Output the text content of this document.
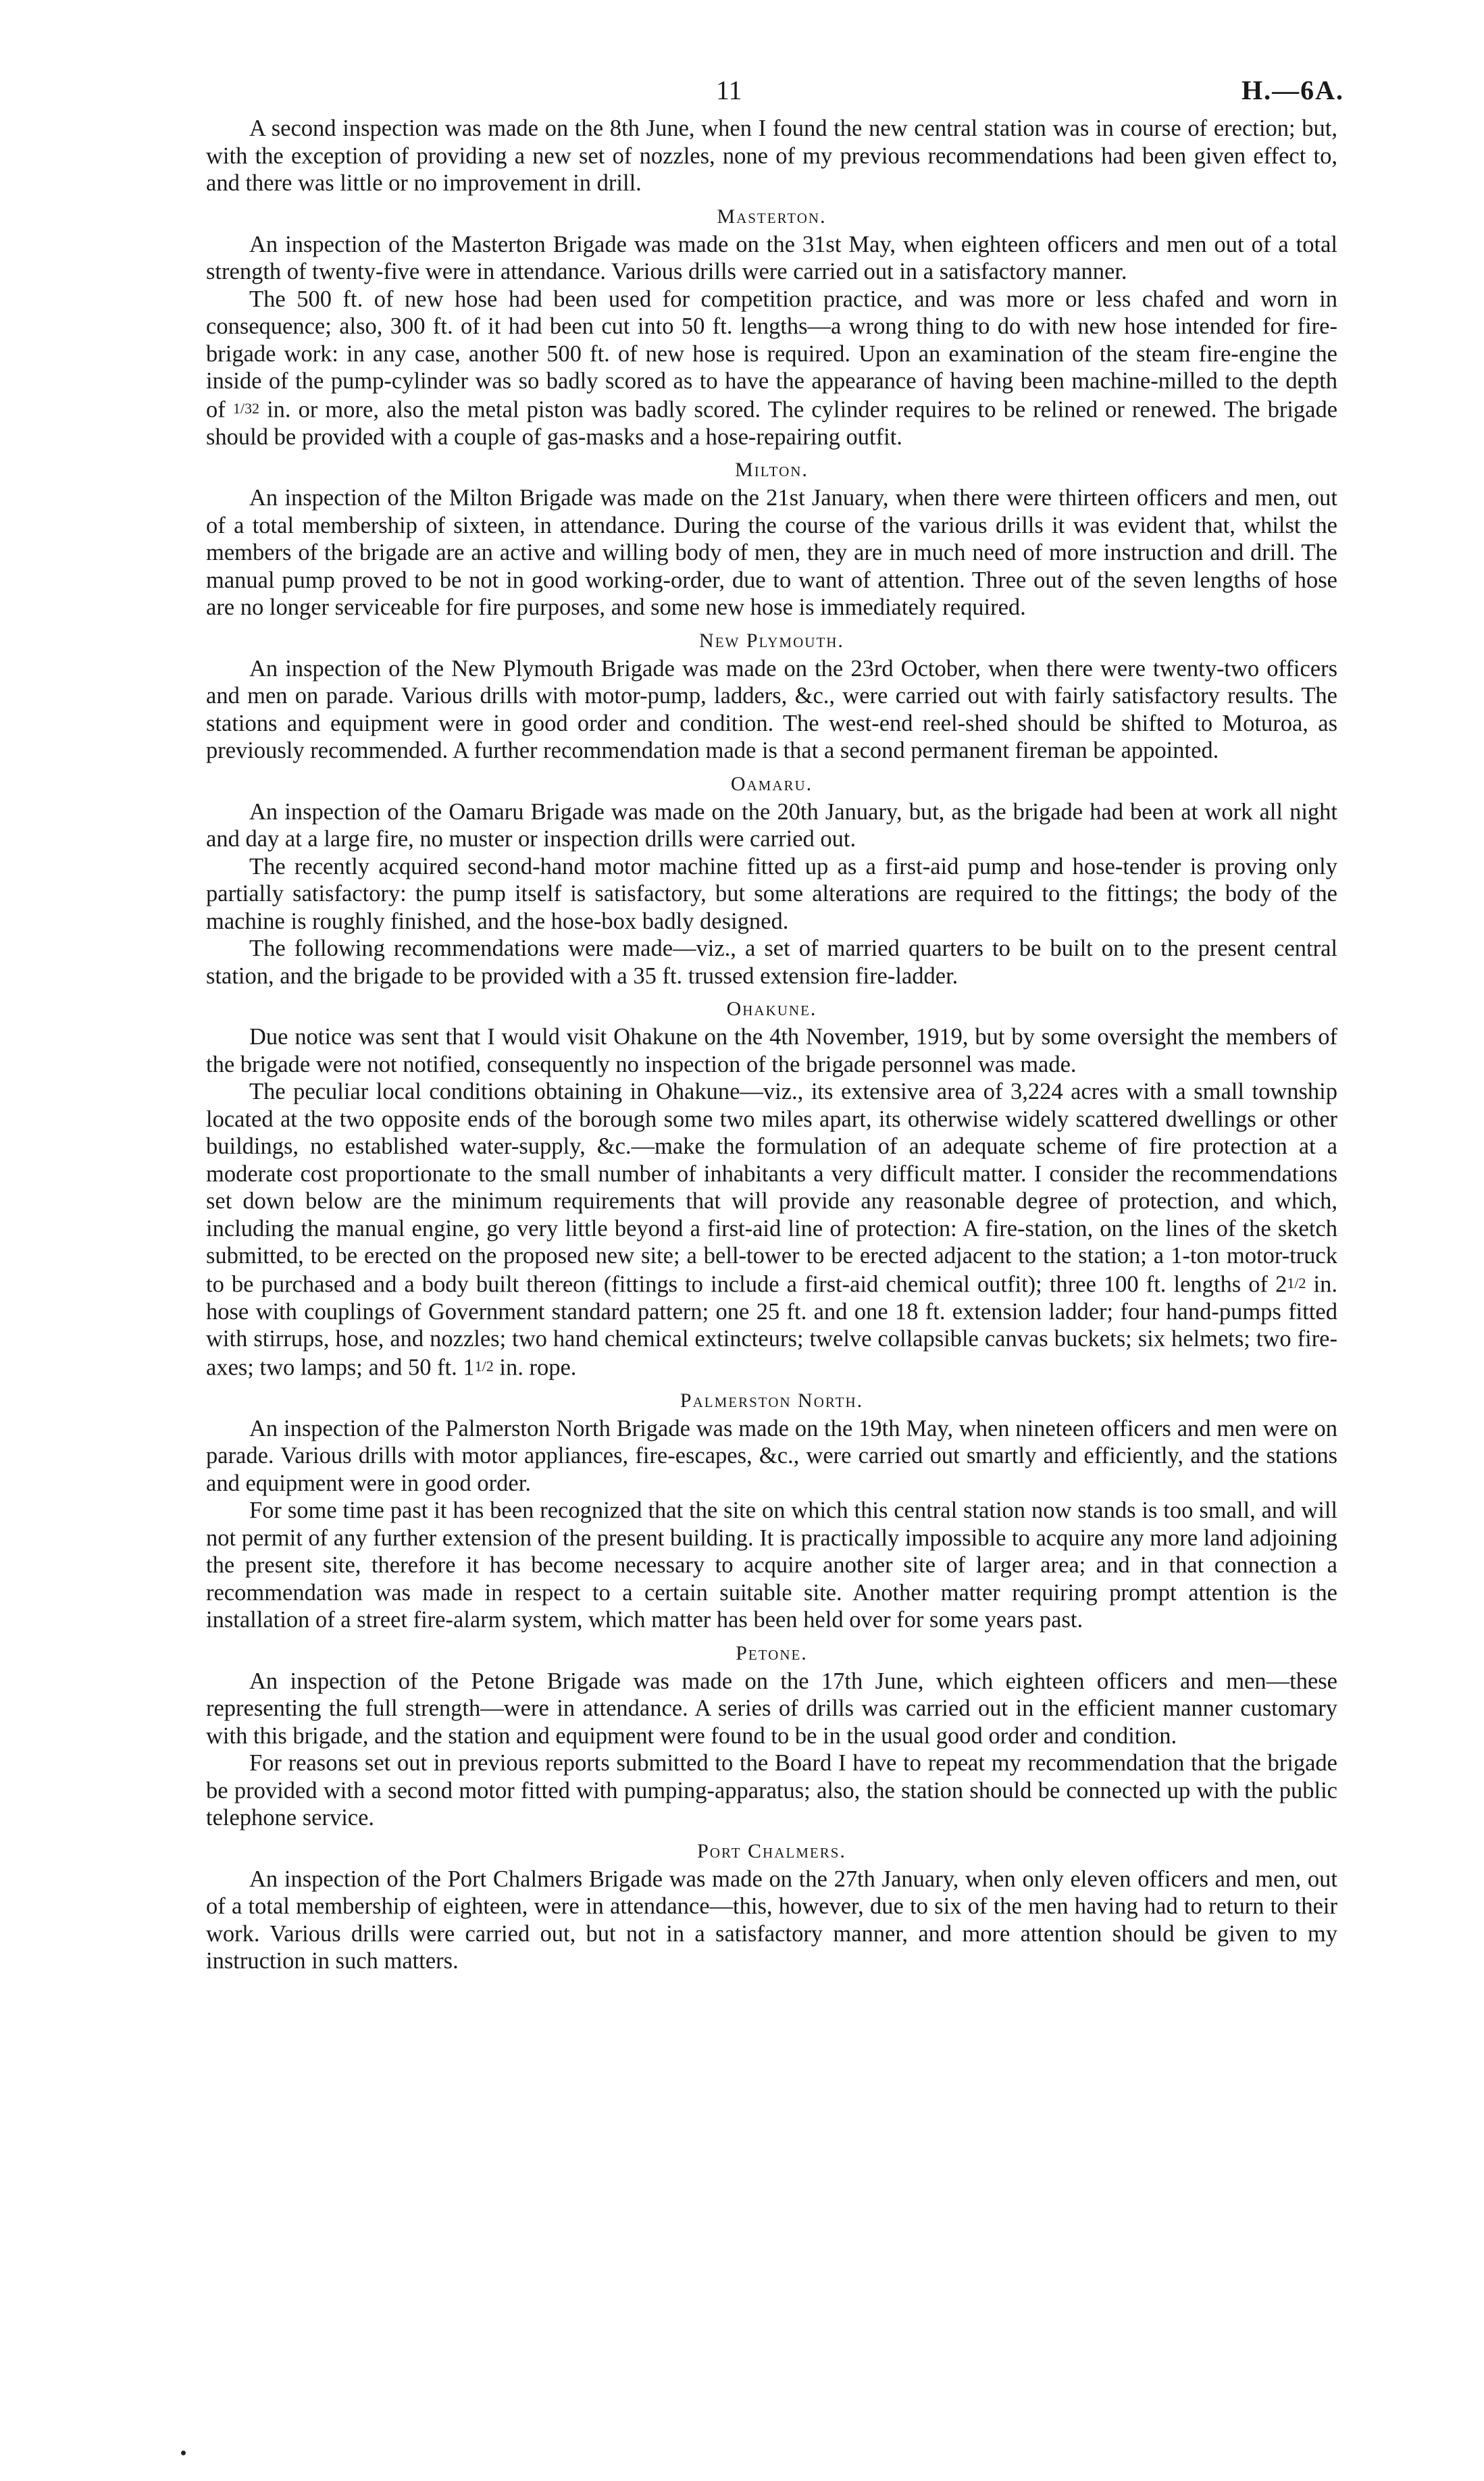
11	H.—6A.

A second inspection was made on the 8th June, when I found the new central station was in course of erection; but, with the exception of providing a new set of nozzles, none of my previous recommendations had been given effect to, and there was little or no improvement in drill.

Masterton.

An inspection of the Masterton Brigade was made on the 31st May, when eighteen officers and men out of a total strength of twenty-five were in attendance. Various drills were carried out in a satisfactory manner.

The 500 ft. of new hose had been used for competition practice, and was more or less chafed and worn in consequence; also, 300 ft. of it had been cut into 50 ft. lengths—a wrong thing to do with new hose intended for fire-brigade work: in any case, another 500 ft. of new hose is required. Upon an examination of the steam fire-engine the inside of the pump-cylinder was so badly scored as to have the appearance of having been machine-milled to the depth of 1/32 in. or more, also the metal piston was badly scored. The cylinder requires to be relined or renewed. The brigade should be provided with a couple of gas-masks and a hose-repairing outfit.

Milton.

An inspection of the Milton Brigade was made on the 21st January, when there were thirteen officers and men, out of a total membership of sixteen, in attendance. During the course of the various drills it was evident that, whilst the members of the brigade are an active and willing body of men, they are in much need of more instruction and drill. The manual pump proved to be not in good working-order, due to want of attention. Three out of the seven lengths of hose are no longer serviceable for fire purposes, and some new hose is immediately required.

New Plymouth.

An inspection of the New Plymouth Brigade was made on the 23rd October, when there were twenty-two officers and men on parade. Various drills with motor-pump, ladders, &c., were carried out with fairly satisfactory results. The stations and equipment were in good order and condition. The west-end reel-shed should be shifted to Moturoa, as previously recommended. A further recommendation made is that a second permanent fireman be appointed.

Oamaru.

An inspection of the Oamaru Brigade was made on the 20th January, but, as the brigade had been at work all night and day at a large fire, no muster or inspection drills were carried out.

The recently acquired second-hand motor machine fitted up as a first-aid pump and hose-tender is proving only partially satisfactory: the pump itself is satisfactory, but some alterations are required to the fittings; the body of the machine is roughly finished, and the hose-box badly designed.

The following recommendations were made—viz., a set of married quarters to be built on to the present central station, and the brigade to be provided with a 35 ft. trussed extension fire-ladder.

Ohakune.

Due notice was sent that I would visit Ohakune on the 4th November, 1919, but by some oversight the members of the brigade were not notified, consequently no inspection of the brigade personnel was made.

The peculiar local conditions obtaining in Ohakune—viz., its extensive area of 3,224 acres with a small township located at the two opposite ends of the borough some two miles apart, its otherwise widely scattered dwellings or other buildings, no established water-supply, &c.—make the formulation of an adequate scheme of fire protection at a moderate cost proportionate to the small number of inhabitants a very difficult matter. I consider the recommendations set down below are the minimum requirements that will provide any reasonable degree of protection, and which, including the manual engine, go very little beyond a first-aid line of protection: A fire-station, on the lines of the sketch submitted, to be erected on the proposed new site; a bell-tower to be erected adjacent to the station; a 1-ton motor-truck to be purchased and a body built thereon (fittings to include a first-aid chemical outfit); three 100 ft. lengths of 21/2 in. hose with couplings of Government standard pattern; one 25 ft. and one 18 ft. extension ladder; four hand-pumps fitted with stirrups, hose, and nozzles; two hand chemical extincteurs; twelve collapsible canvas buckets; six helmets; two fire-axes; two lamps; and 50 ft. 11/2 in. rope.

Palmerston North.

An inspection of the Palmerston North Brigade was made on the 19th May, when nineteen officers and men were on parade. Various drills with motor appliances, fire-escapes, &c., were carried out smartly and efficiently, and the stations and equipment were in good order.

For some time past it has been recognized that the site on which this central station now stands is too small, and will not permit of any further extension of the present building. It is practically impossible to acquire any more land adjoining the present site, therefore it has become necessary to acquire another site of larger area; and in that connection a recommendation was made in respect to a certain suitable site. Another matter requiring prompt attention is the installation of a street fire-alarm system, which matter has been held over for some years past.

Petone.

An inspection of the Petone Brigade was made on the 17th June, which eighteen officers and men—these representing the full strength—were in attendance. A series of drills was carried out in the efficient manner customary with this brigade, and the station and equipment were found to be in the usual good order and condition.

For reasons set out in previous reports submitted to the Board I have to repeat my recommendation that the brigade be provided with a second motor fitted with pumping-apparatus; also, the station should be connected up with the public telephone service.

Port Chalmers.

An inspection of the Port Chalmers Brigade was made on the 27th January, when only eleven officers and men, out of a total membership of eighteen, were in attendance—this, however, due to six of the men having had to return to their work. Various drills were carried out, but not in a satisfactory manner, and more attention should be given to my instruction in such matters.
